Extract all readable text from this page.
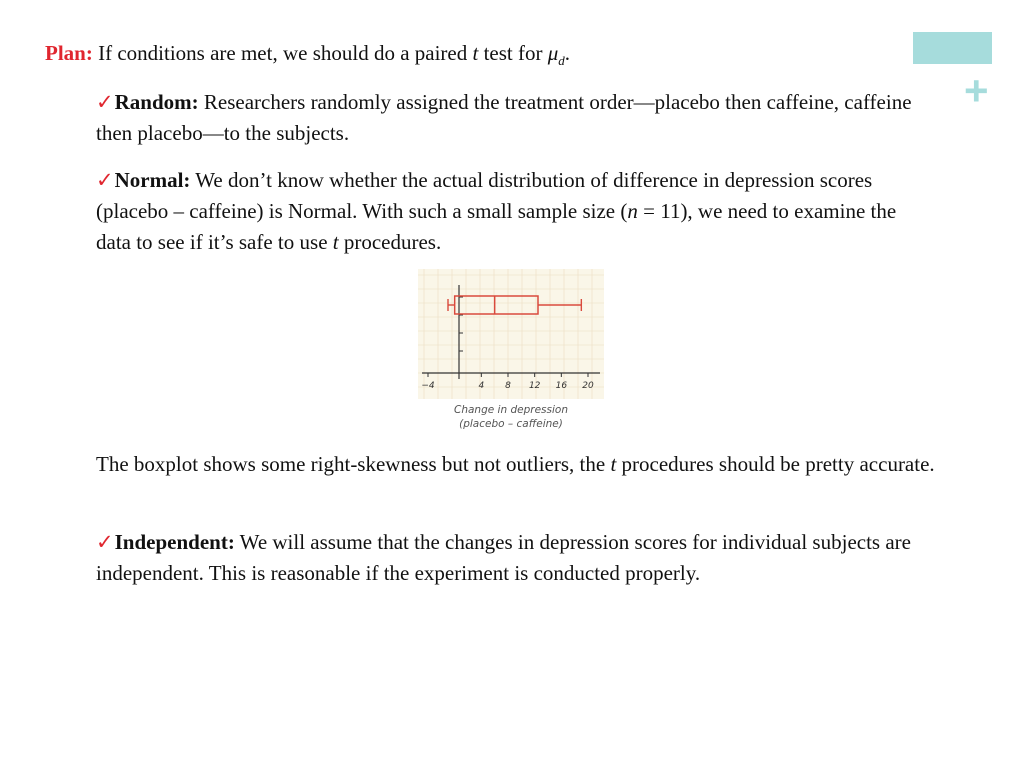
+

Plan: If conditions are met, we should do a paired t test for $\mu_d$.

✓Random: Researchers randomly assigned the treatment order—placebo then caffeine, caffeine then placebo—to the subjects.

✓Normal: We don’t know whether the actual distribution of difference in depression scores (placebo – caffeine) is Normal. With such a small sample size (n = 11), we need to examine the data to see if it’s safe to use t procedures.

−4	4 8 12 16 20
Change in depression
(placebo – caffeine)

The boxplot shows some right-skewness but not outliers, the t procedures should be pretty accurate.

✓Independent: We will assume that the changes in depression scores for individual subjects are independent. This is reasonable if the experiment is conducted properly.
